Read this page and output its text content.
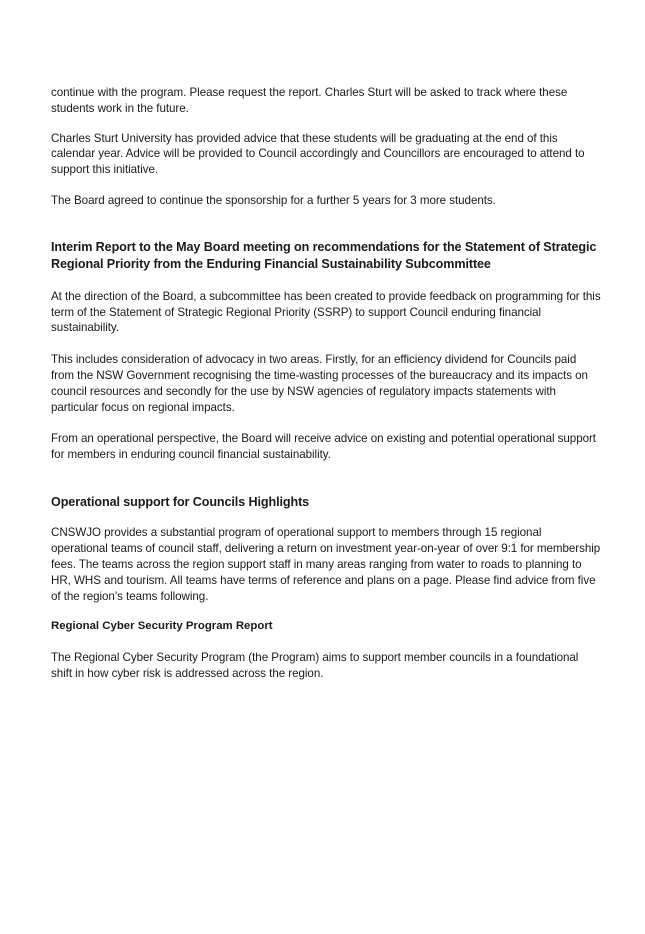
continue with the program. Please request the report. Charles Sturt will be asked to track where these students work in the future.

Charles Sturt University has provided advice that these students will be graduating at the end of this calendar year. Advice will be provided to Council accordingly and Councillors are encouraged to attend to support this initiative.

The Board agreed to continue the sponsorship for a further 5 years for 3 more students.

Interim Report to the May Board meeting on recommendations for the Statement of Strategic Regional Priority from the Enduring Financial Sustainability Subcommittee

At the direction of the Board, a subcommittee has been created to provide feedback on programming for this term of the Statement of Strategic Regional Priority (SSRP) to support Council enduring financial sustainability.

This includes consideration of advocacy in two areas. Firstly, for an efficiency dividend for Councils paid from the NSW Government recognising the time-wasting processes of the bureaucracy and its impacts on council resources and secondly for the use by NSW agencies of regulatory impacts statements with particular focus on regional impacts.

From an operational perspective, the Board will receive advice on existing and potential operational support for members in enduring council financial sustainability.

Operational support for Councils Highlights

CNSWJO provides a substantial program of operational support to members through 15 regional operational teams of council staff, delivering a return on investment year-on-year of over 9:1 for membership fees. The teams across the region support staff in many areas ranging from water to roads to planning to HR, WHS and tourism. All teams have terms of reference and plans on a page. Please find advice from five of the region’s teams following.

Regional Cyber Security Program Report

The Regional Cyber Security Program (the Program) aims to support member councils in a foundational shift in how cyber risk is addressed across the region.
